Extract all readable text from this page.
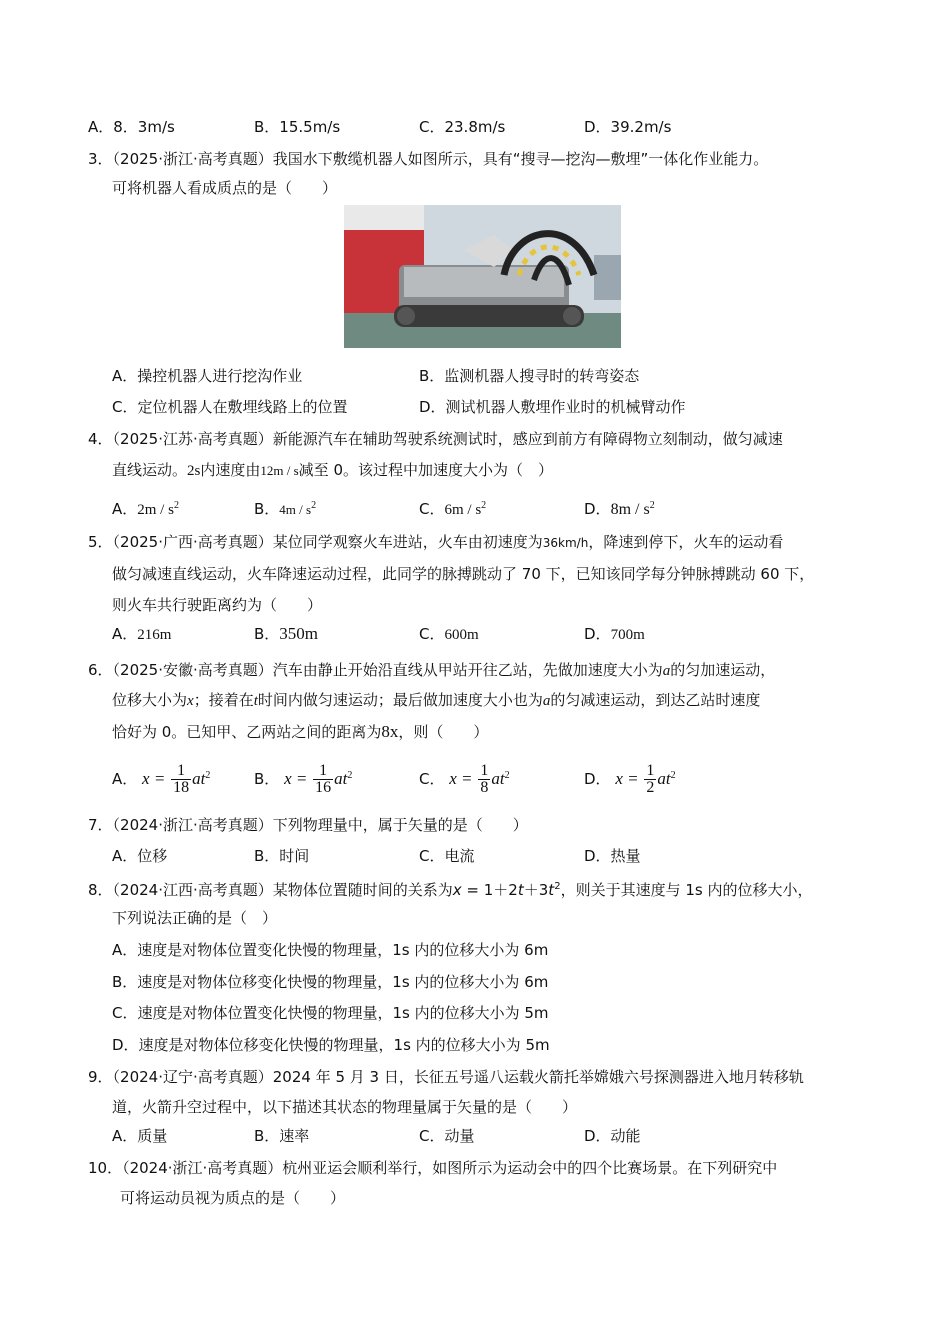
A．8．3m/s	B．15.5m/s	C．23.8m/s	D．39.2m/s
3．（2025·浙江·高考真题）我国水下敷缆机器人如图所示，具有“搜寻—挖沟—敷埋”一体化作业能力。
可将机器人看成质点的是（　　）
A．操控机器人进行挖沟作业	B．监测机器人搜寻时的转弯姿态
C．定位机器人在敷埋线路上的位置	D．测试机器人敷埋作业时的机械臂动作
4．（2025·江苏·高考真题）新能源汽车在辅助驾驶系统测试时，感应到前方有障碍物立刻制动，做匀减速
直线运动。2s内速度由12m / s减至 0。该过程中加速度大小为（　）
A．$2m / s^2$	B．$4m / s^2$	C．$6m / s^2$	D．$8m / s^2$
5．（2025·广西·高考真题）某位同学观察火车进站，火车由初速度为36km/h，降速到停下，火车的运动看
做匀减速直线运动，火车降速运动过程，此同学的脉搏跳动了 70 下，已知该同学每分钟脉搏跳动 60 下，
则火车共行驶距离约为（　　）
A．216m	B．350m	C．600m	D．700m
6．（2025·安徽·高考真题）汽车由静止开始沿直线从甲站开往乙站，先做加速度大小为a的匀加速运动，
位移大小为x；接着在t时间内做匀速运动；最后做加速度大小也为a的匀减速运动，到达乙站时速度
恰好为 0。已知甲、乙两站之间的距离为8x，则（　　）
A． $x = \frac{1}{18} at^2$	B． $x = \frac{1}{16} at^2$	C． $x = \frac{1}{8} at^2$	D． $x = \frac{1}{2} at^2$
7．（2024·浙江·高考真题）下列物理量中，属于矢量的是（　　）
A．位移	B．时间	C．电流	D．热量
8．（2024·江西·高考真题）某物体位置随时间的关系为$x = 1+2t+3t^2$，则关于其速度与 1s 内的位移大小，
下列说法正确的是（　）
A．速度是对物体位置变化快慢的物理量，1s 内的位移大小为 6m
B．速度是对物体位移变化快慢的物理量，1s 内的位移大小为 6m
C．速度是对物体位置变化快慢的物理量，1s 内的位移大小为 5m
D．速度是对物体位移变化快慢的物理量，1s 内的位移大小为 5m
9．（2024·辽宁·高考真题）2024 年 5 月 3 日，长征五号遥八运载火箭托举嫦娥六号探测器进入地月转移轨
道，火箭升空过程中，以下描述其状态的物理量属于矢量的是（　　）
A．质量	B．速率	C．动量	D．动能
10．（2024·浙江·高考真题）杭州亚运会顺利举行，如图所示为运动会中的四个比赛场景。在下列研究中
可将运动员视为质点的是（　　）
